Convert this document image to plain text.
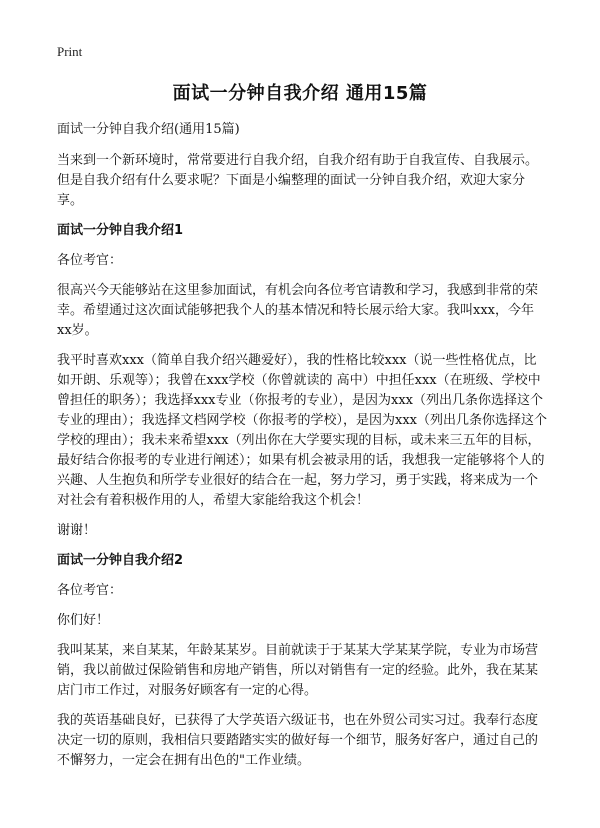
Print
面试一分钟自我介绍 通用15篇

面试一分钟自我介绍(通用15篇)

当来到一个新环境时，常常要进行自我介绍，自我介绍有助于自我宣传、自我展示。但是自我介绍有什么要求呢？下面是小编整理的面试一分钟自我介绍，欢迎大家分享。

面试一分钟自我介绍1

各位考官：

很高兴今天能够站在这里参加面试，有机会向各位考官请教和学习，我感到非常的荣幸。希望通过这次面试能够把我个人的基本情况和特长展示给大家。我叫xxx，今年xx岁。

我平时喜欢xxx（简单自我介绍兴趣爱好），我的性格比较xxx（说一些性格优点，比如开朗、乐观等）；我曾在xxx学校（你曾就读的 高中）中担任xxx（在班级、学校中曾担任的职务）；我选择xxx专业（你报考的专业），是因为xxx（列出几条你选择这个专业的理由）；我选择文档网学校（你报考的学校），是因为xxx（列出几条你选择这个学校的理由）；我未来希望xxx（列出你在大学要实现的目标，或未来三五年的目标，最好结合你报考的专业进行阐述）；如果有机会被录用的话，我想我一定能够将个人的兴趣、人生抱负和所学专业很好的结合在一起，努力学习，勇于实践，将来成为一个对社会有着积极作用的人，希望大家能给我这个机会！

谢谢！

面试一分钟自我介绍2

各位考官：

你们好！

我叫某某，来自某某，年龄某某岁。目前就读于于某某大学某某学院，专业为市场营销，我以前做过保险销售和房地产销售，所以对销售有一定的经验。此外，我在某某店门市工作过，对服务好顾客有一定的心得。

我的英语基础良好，已获得了大学英语六级证书，也在外贸公司实习过。我奉行态度决定一切的原则，我相信只要踏踏实实的做好每一个细节，服务好客户，通过自己的不懈努力，一定会在拥有出色的"工作业绩。
